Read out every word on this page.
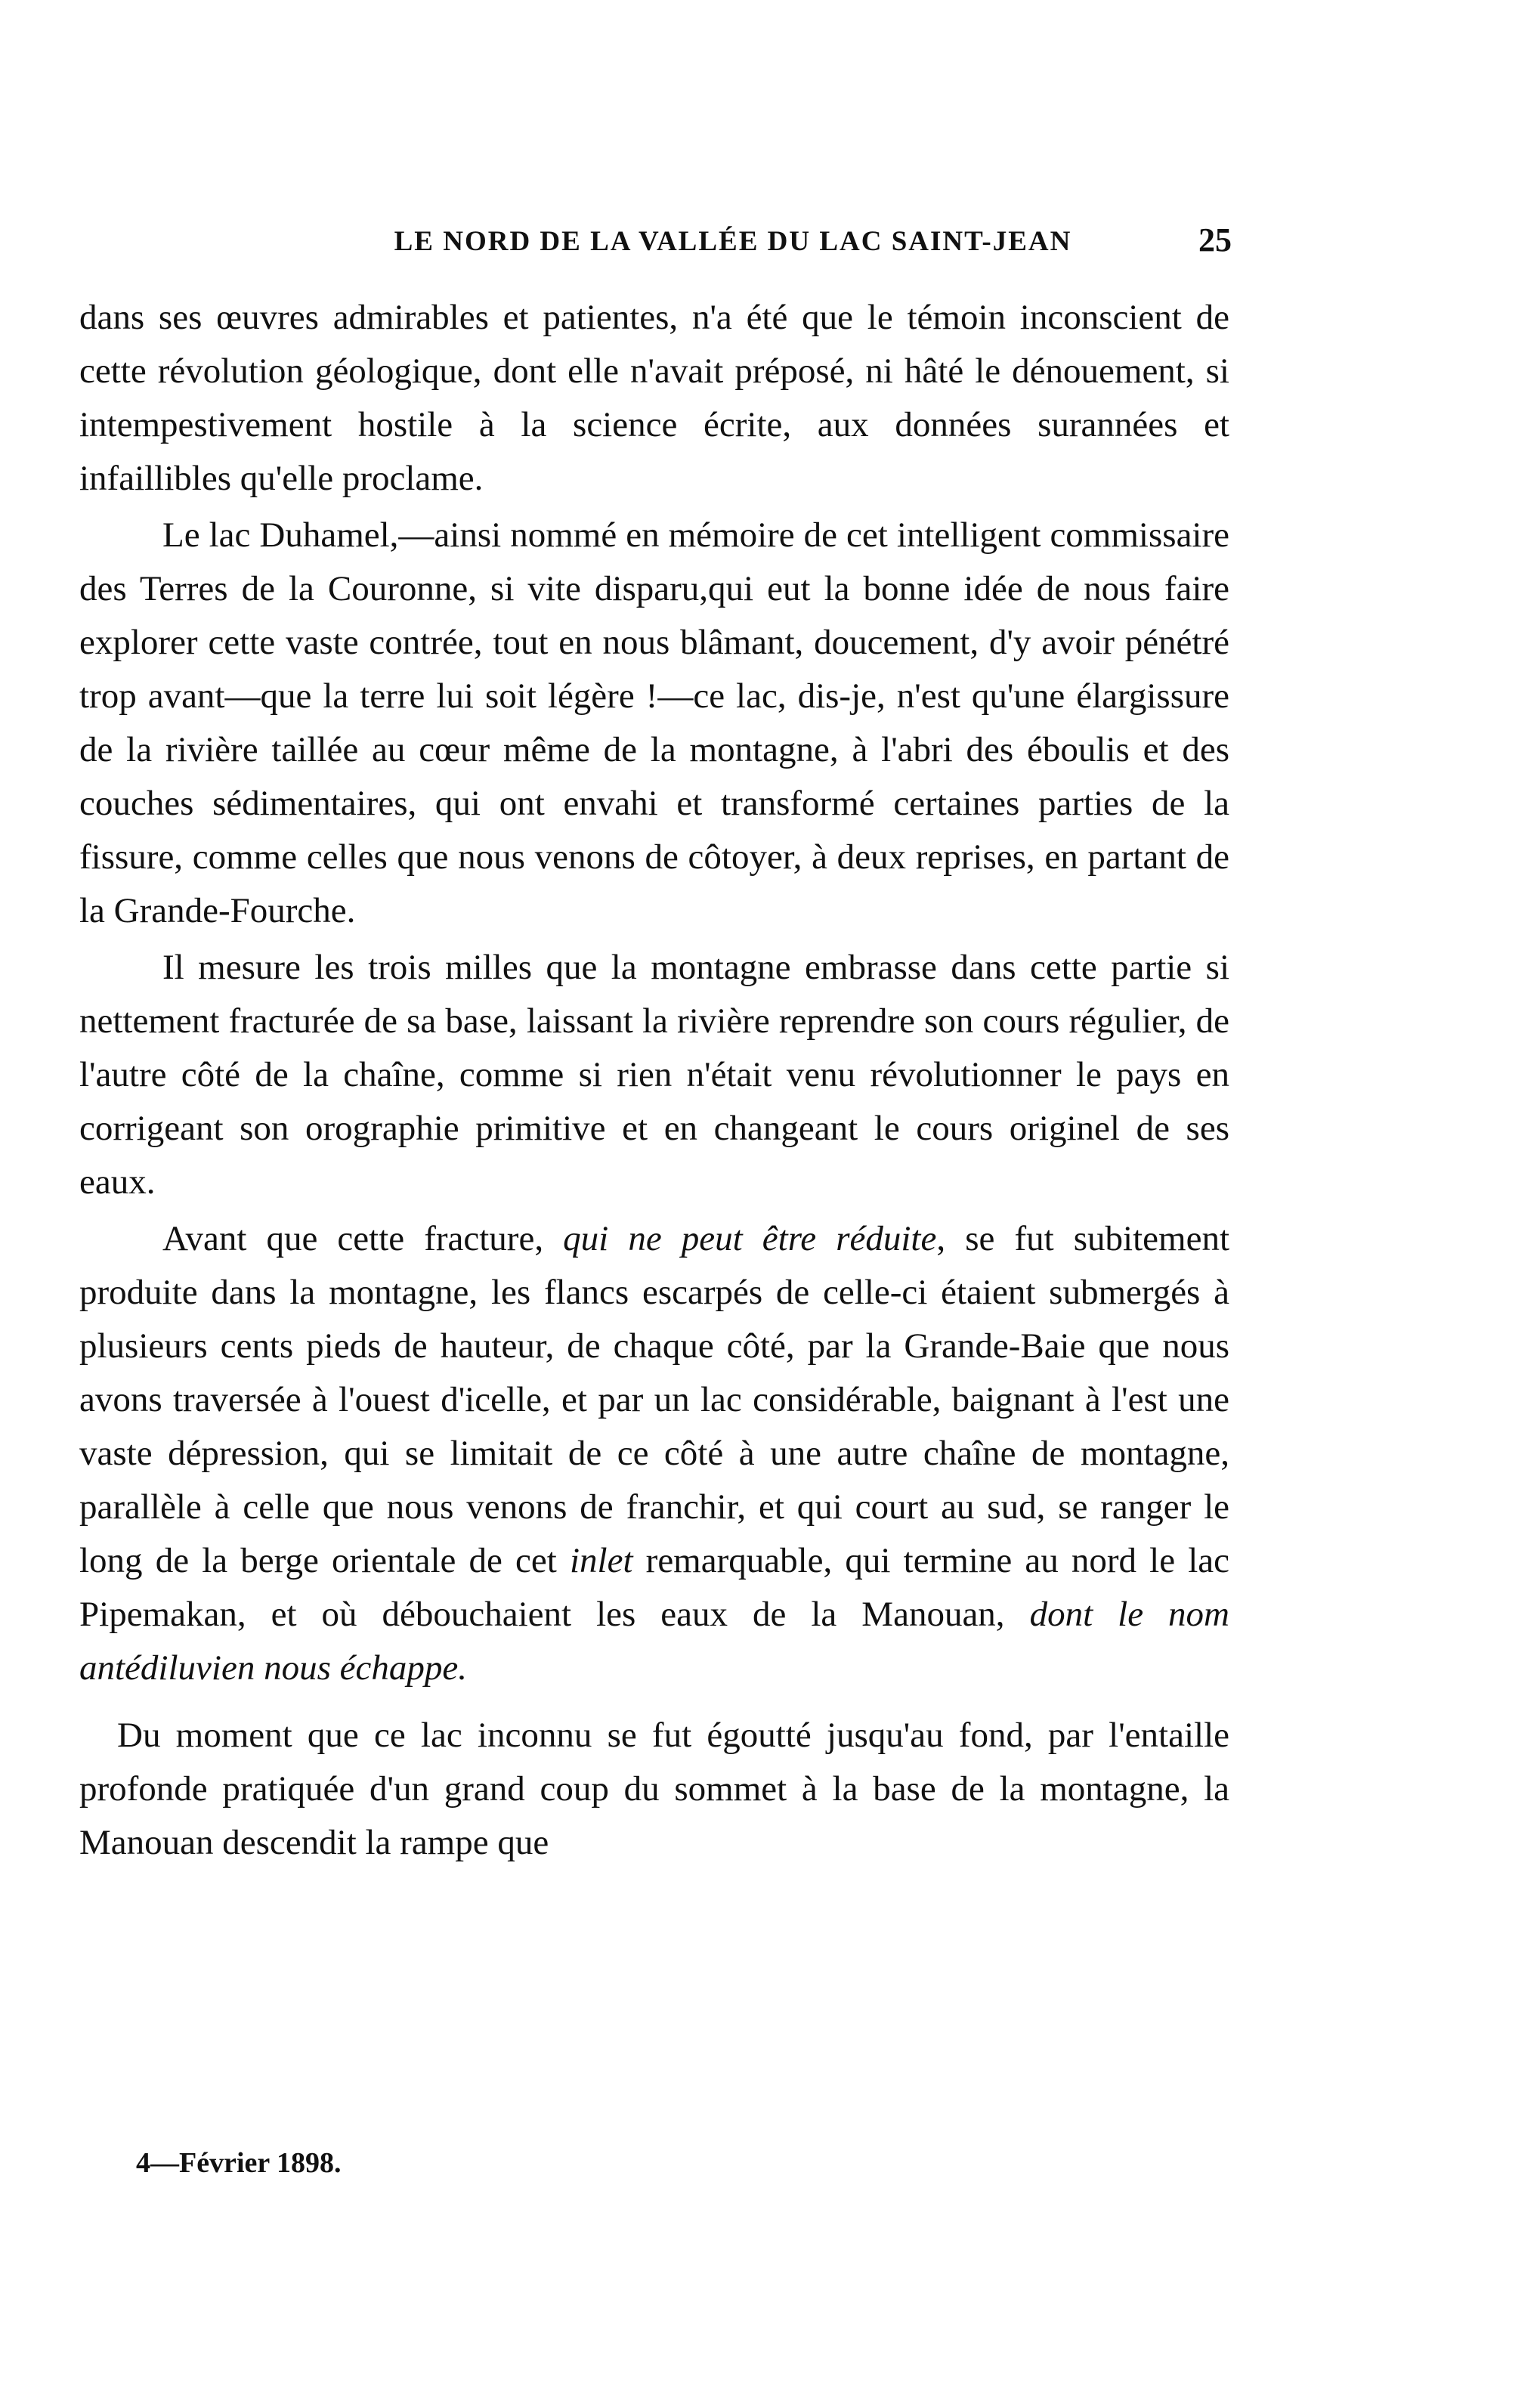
LE NORD DE LA VALLÉE DU LAC SAINT-JEAN	25

dans ses œuvres admirables et patientes, n'a été que le témoin inconscient de cette révolution géologique, dont elle n'avait préposé, ni hâté le dénouement, si intempestivement hostile à la science écrite, aux données surannées et infaillibles qu'elle proclame.

Le lac Duhamel,—ainsi nommé en mémoire de cet intelligent commissaire des Terres de la Couronne, si vite disparu,qui eut la bonne idée de nous faire explorer cette vaste contrée, tout en nous blâmant, doucement, d'y avoir pénétré trop avant—que la terre lui soit légère !—ce lac, dis-je, n'est qu'une élargissure de la rivière taillée au cœur même de la montagne, à l'abri des éboulis et des couches sédimentaires, qui ont envahi et transformé certaines parties de la fissure, comme celles que nous venons de côtoyer, à deux reprises, en partant de la Grande-Fourche.

Il mesure les trois milles que la montagne embrasse dans cette partie si nettement fracturée de sa base, laissant la rivière reprendre son cours régulier, de l'autre côté de la chaîne, comme si rien n'était venu révolutionner le pays en corrigeant son orographie primitive et en changeant le cours originel de ses eaux.

Avant que cette fracture, qui ne peut être réduite, se fut subitement produite dans la montagne, les flancs escarpés de celle-ci étaient submergés à plusieurs cents pieds de hauteur, de chaque côté, par la Grande-Baie que nous avons traversée à l'ouest d'icelle, et par un lac considérable, baignant à l'est une vaste dépression, qui se limitait de ce côté à une autre chaîne de montagne, parallèle à celle que nous venons de franchir, et qui court au sud, se ranger le long de la berge orientale de cet inlet remarquable, qui termine au nord le lac Pipemakan, et où débouchaient les eaux de la Manouan, dont le nom antédiluvien nous échappe.

Du moment que ce lac inconnu se fut égoutté jusqu'au fond, par l'entaille profonde pratiquée d'un grand coup du sommet à la base de la montagne, la Manouan descendit la rampe que

4—Février 1898.
